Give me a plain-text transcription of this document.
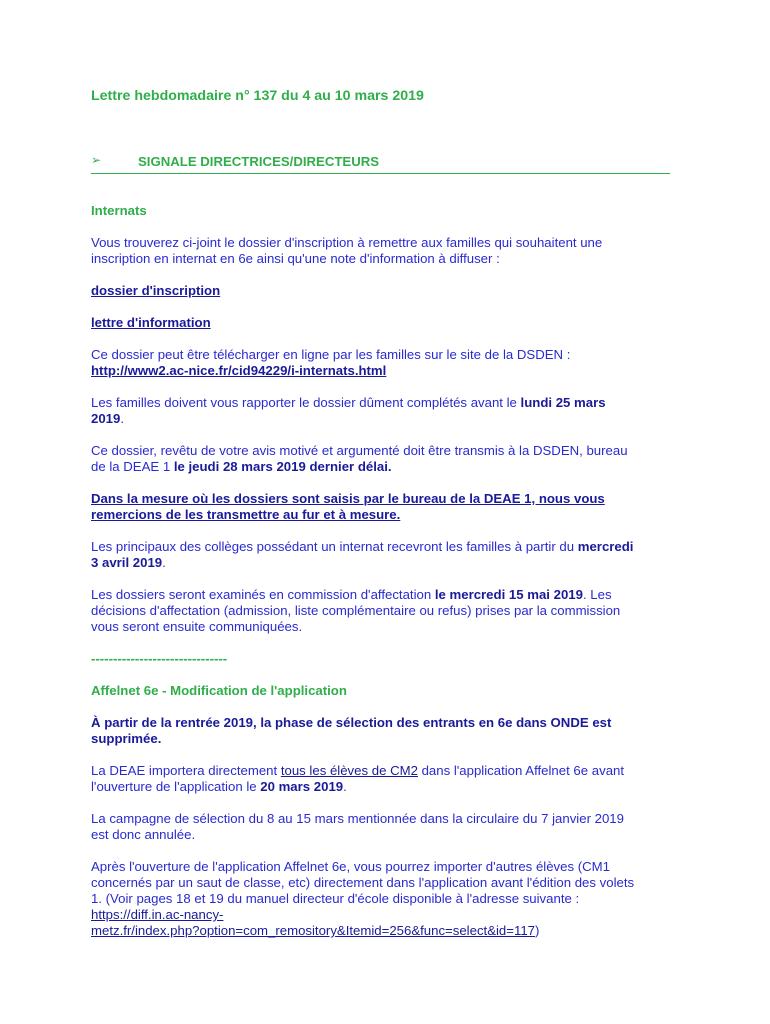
Lettre hebdomadaire n° 137 du 4 au 10 mars 2019
➢	SIGNALE DIRECTRICES/DIRECTEURS
Internats
Vous trouverez ci-joint le dossier d'inscription à remettre aux familles qui souhaitent une
inscription en internat en 6e ainsi qu'une note d'information à diffuser :
dossier d'inscription
lettre d'information
Ce dossier peut être télécharger en ligne par les familles sur le site de la DSDEN :
http://www2.ac-nice.fr/cid94229/i-internats.html
Les familles doivent vous rapporter le dossier dûment complétés avant le lundi 25 mars
2019.
Ce dossier, revêtu de votre avis motivé et argumenté doit être transmis à la DSDEN, bureau
de la DEAE 1 le jeudi 28 mars 2019 dernier délai.
Dans la mesure où les dossiers sont saisis par le bureau de la DEAE 1, nous vous
remercions de les transmettre au fur et à mesure.
Les principaux des collèges possédant un internat recevront les familles à partir du mercredi
3 avril 2019.
Les dossiers seront examinés en commission d'affectation le mercredi 15 mai 2019. Les
décisions d'affectation (admission, liste complémentaire ou refus) prises par la commission
vous seront ensuite communiquées.
-------------------------------
Affelnet 6e - Modification de l'application
À partir de la rentrée 2019, la phase de sélection des entrants en 6e dans ONDE est
supprimée.
La DEAE importera directement tous les élèves de CM2 dans l'application Affelnet 6e avant
l'ouverture de l'application le 20 mars 2019.
La campagne de sélection du 8 au 15 mars mentionnée dans la circulaire du 7 janvier 2019
est donc annulée.
Après l'ouverture de l'application Affelnet 6e, vous pourrez importer d'autres élèves (CM1
concernés par un saut de classe, etc) directement dans l'application avant l'édition des volets
1. (Voir pages 18 et 19 du manuel directeur d'école disponible à l'adresse suivante :
https://diff.in.ac-nancy-
metz.fr/index.php?option=com_remository&Itemid=256&func=select&id=117)
